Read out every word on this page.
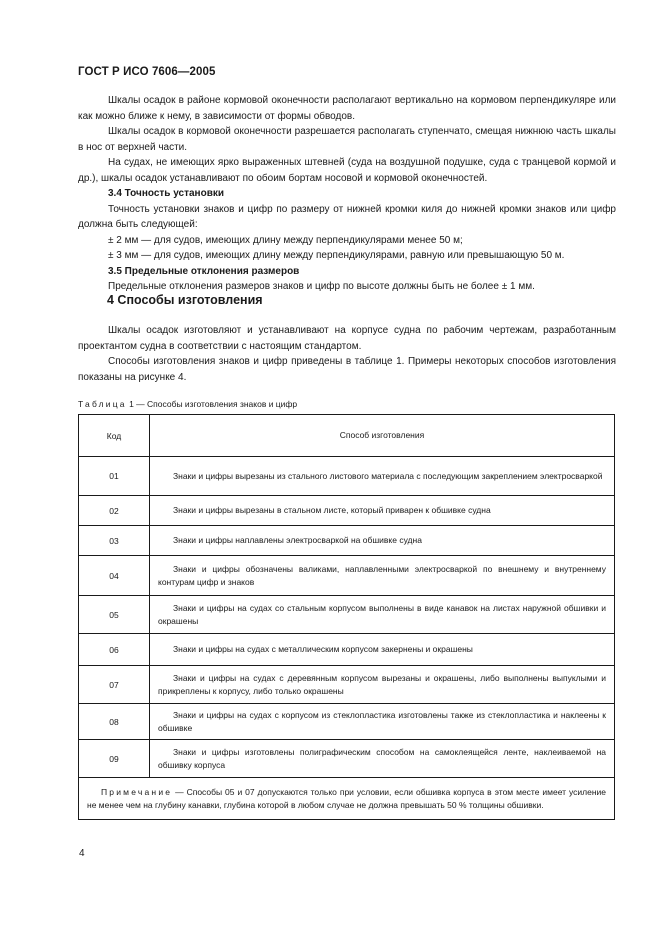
ГОСТ Р ИСО 7606—2005

Шкалы осадок в районе кормовой оконечности располагают вертикально на кормовом перпендикуляре или как можно ближе к нему, в зависимости от формы обводов.

Шкалы осадок в кормовой оконечности разрешается располагать ступенчато, смещая нижнюю часть шкалы в нос от верхней части.

На судах, не имеющих ярко выраженных штевней (суда на воздушной подушке, суда с транцевой кормой и др.), шкалы осадок устанавливают по обоим бортам носовой и кормовой оконечностей.

3.4 Точность установки

Точность установки знаков и цифр по размеру от нижней кромки киля до нижней кромки знаков или цифр должна быть следующей:

± 2 мм — для судов, имеющих длину между перпендикулярами менее 50 м;

± 3 мм — для судов, имеющих длину между перпендикулярами, равную или превышающую 50 м.

3.5 Предельные отклонения размеров

Предельные отклонения размеров знаков и цифр по высоте должны быть не более ± 1 мм.

4 Способы изготовления

Шкалы осадок изготовляют и устанавливают на корпусе судна по рабочим чертежам, разработанным проектантом судна в соответствии с настоящим стандартом.

Способы изготовления знаков и цифр приведены в таблице 1. Примеры некоторых способов изготовления показаны на рисунке 4.

Таблица 1 — Способы изготовления знаков и цифр
Код	Способ изготовления
01	Знаки и цифры вырезаны из стального листового материала с последующим закреплением электросваркой

02	Знаки и цифры вырезаны в стальном листе, который приварен к обшивке судна

03	Знаки и цифры наплавлены электросваркой на обшивке судна

04	Знаки и цифры обозначены валиками, наплавленными электросваркой по внешнему и внутреннему контурам цифр и знаков

05	Знаки и цифры на судах со стальным корпусом выполнены в виде канавок на листах наружной обшивки и окрашены

06	Знаки и цифры на судах с металлическим корпусом закернены и окрашены

07	Знаки и цифры на судах с деревянным корпусом вырезаны и окрашены, либо выполнены выпуклыми и прикреплены к корпусу, либо только окрашены

08	Знаки и цифры на судах с корпусом из стеклопластика изготовлены также из стеклопластика и наклеены к обшивке

09	Знаки и цифры изготовлены полиграфическим способом на самоклеящейся ленте, наклеиваемой на обшивку корпуса

Примечание — Способы 05 и 07 допускаются только при условии, если обшивка корпуса в этом месте имеет усиление не менее чем на глубину канавки, глубина которой в любом случае не должна превышать 50 % толщины обшивки.	

4
